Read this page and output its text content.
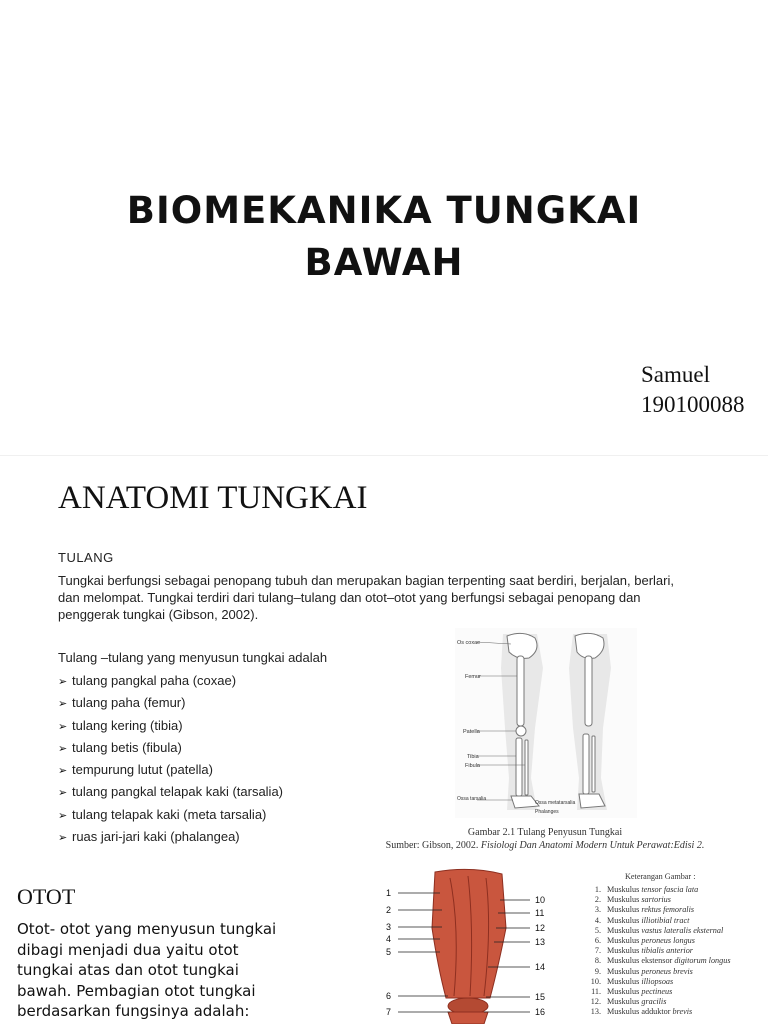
BIOMEKANIKA TUNGKAI
BAWAH
Samuel
190100088
ANATOMI TUNGKAI
TULANG
Tungkai berfungsi sebagai penopang tubuh dan merupakan bagian terpenting saat berdiri, berjalan, berlari,
dan melompat. Tungkai terdiri dari tulang–tulang dan otot–otot yang berfungsi sebagai penopang dan
penggerak tungkai (Gibson, 2002).
Tulang –tulang yang menyusun tungkai adalah
➢ tulang pangkal paha (coxae)
➢ tulang paha (femur)
➢ tulang kering (tibia)
➢ tulang betis (fibula)
➢ tempurung lutut (patella)
➢ tulang pangkal telapak kaki (tarsalia)
➢ tulang telapak kaki (meta tarsalia)
➢ ruas jari-jari kaki (phalangea)
Os coxae
Femur
Patella
Tibia
Fibula
Ossa tarsalia
Ossa metatarsalia
Phalanges
Gambar 2.1 Tulang Penyusun Tungkai
Sumber: Gibson, 2002. Fisiologi Dan Anatomi Modern Untuk Perawat:Edisi 2.
OTOT
Otot- otot yang menyusun tungkai
dibagi menjadi dua yaitu otot
tungkai atas dan otot tungkai
bawah. Pembagian otot tungkai
berdasarkan fungsinya adalah:
1
2
3
4
5
6
7
10
11
12
13
14
15
16
Keterangan Gambar :
1. Muskulus tensor fascia lata
2. Muskulus sartorius
3. Muskulus rektus femoralis
4. Muskulus illiotibial tract
5. Muskulus vastus lateralis eksternal
6. Muskulus peroneus longus
7. Muskulus tibialis anterior
8. Muskulus ekstensor digitorum longus
9. Muskulus peroneus brevis
10. Muskulus illiopsoas
11. Muskulus pectineus
12. Muskulus gracilis
13. Muskulus adduktor brevis
